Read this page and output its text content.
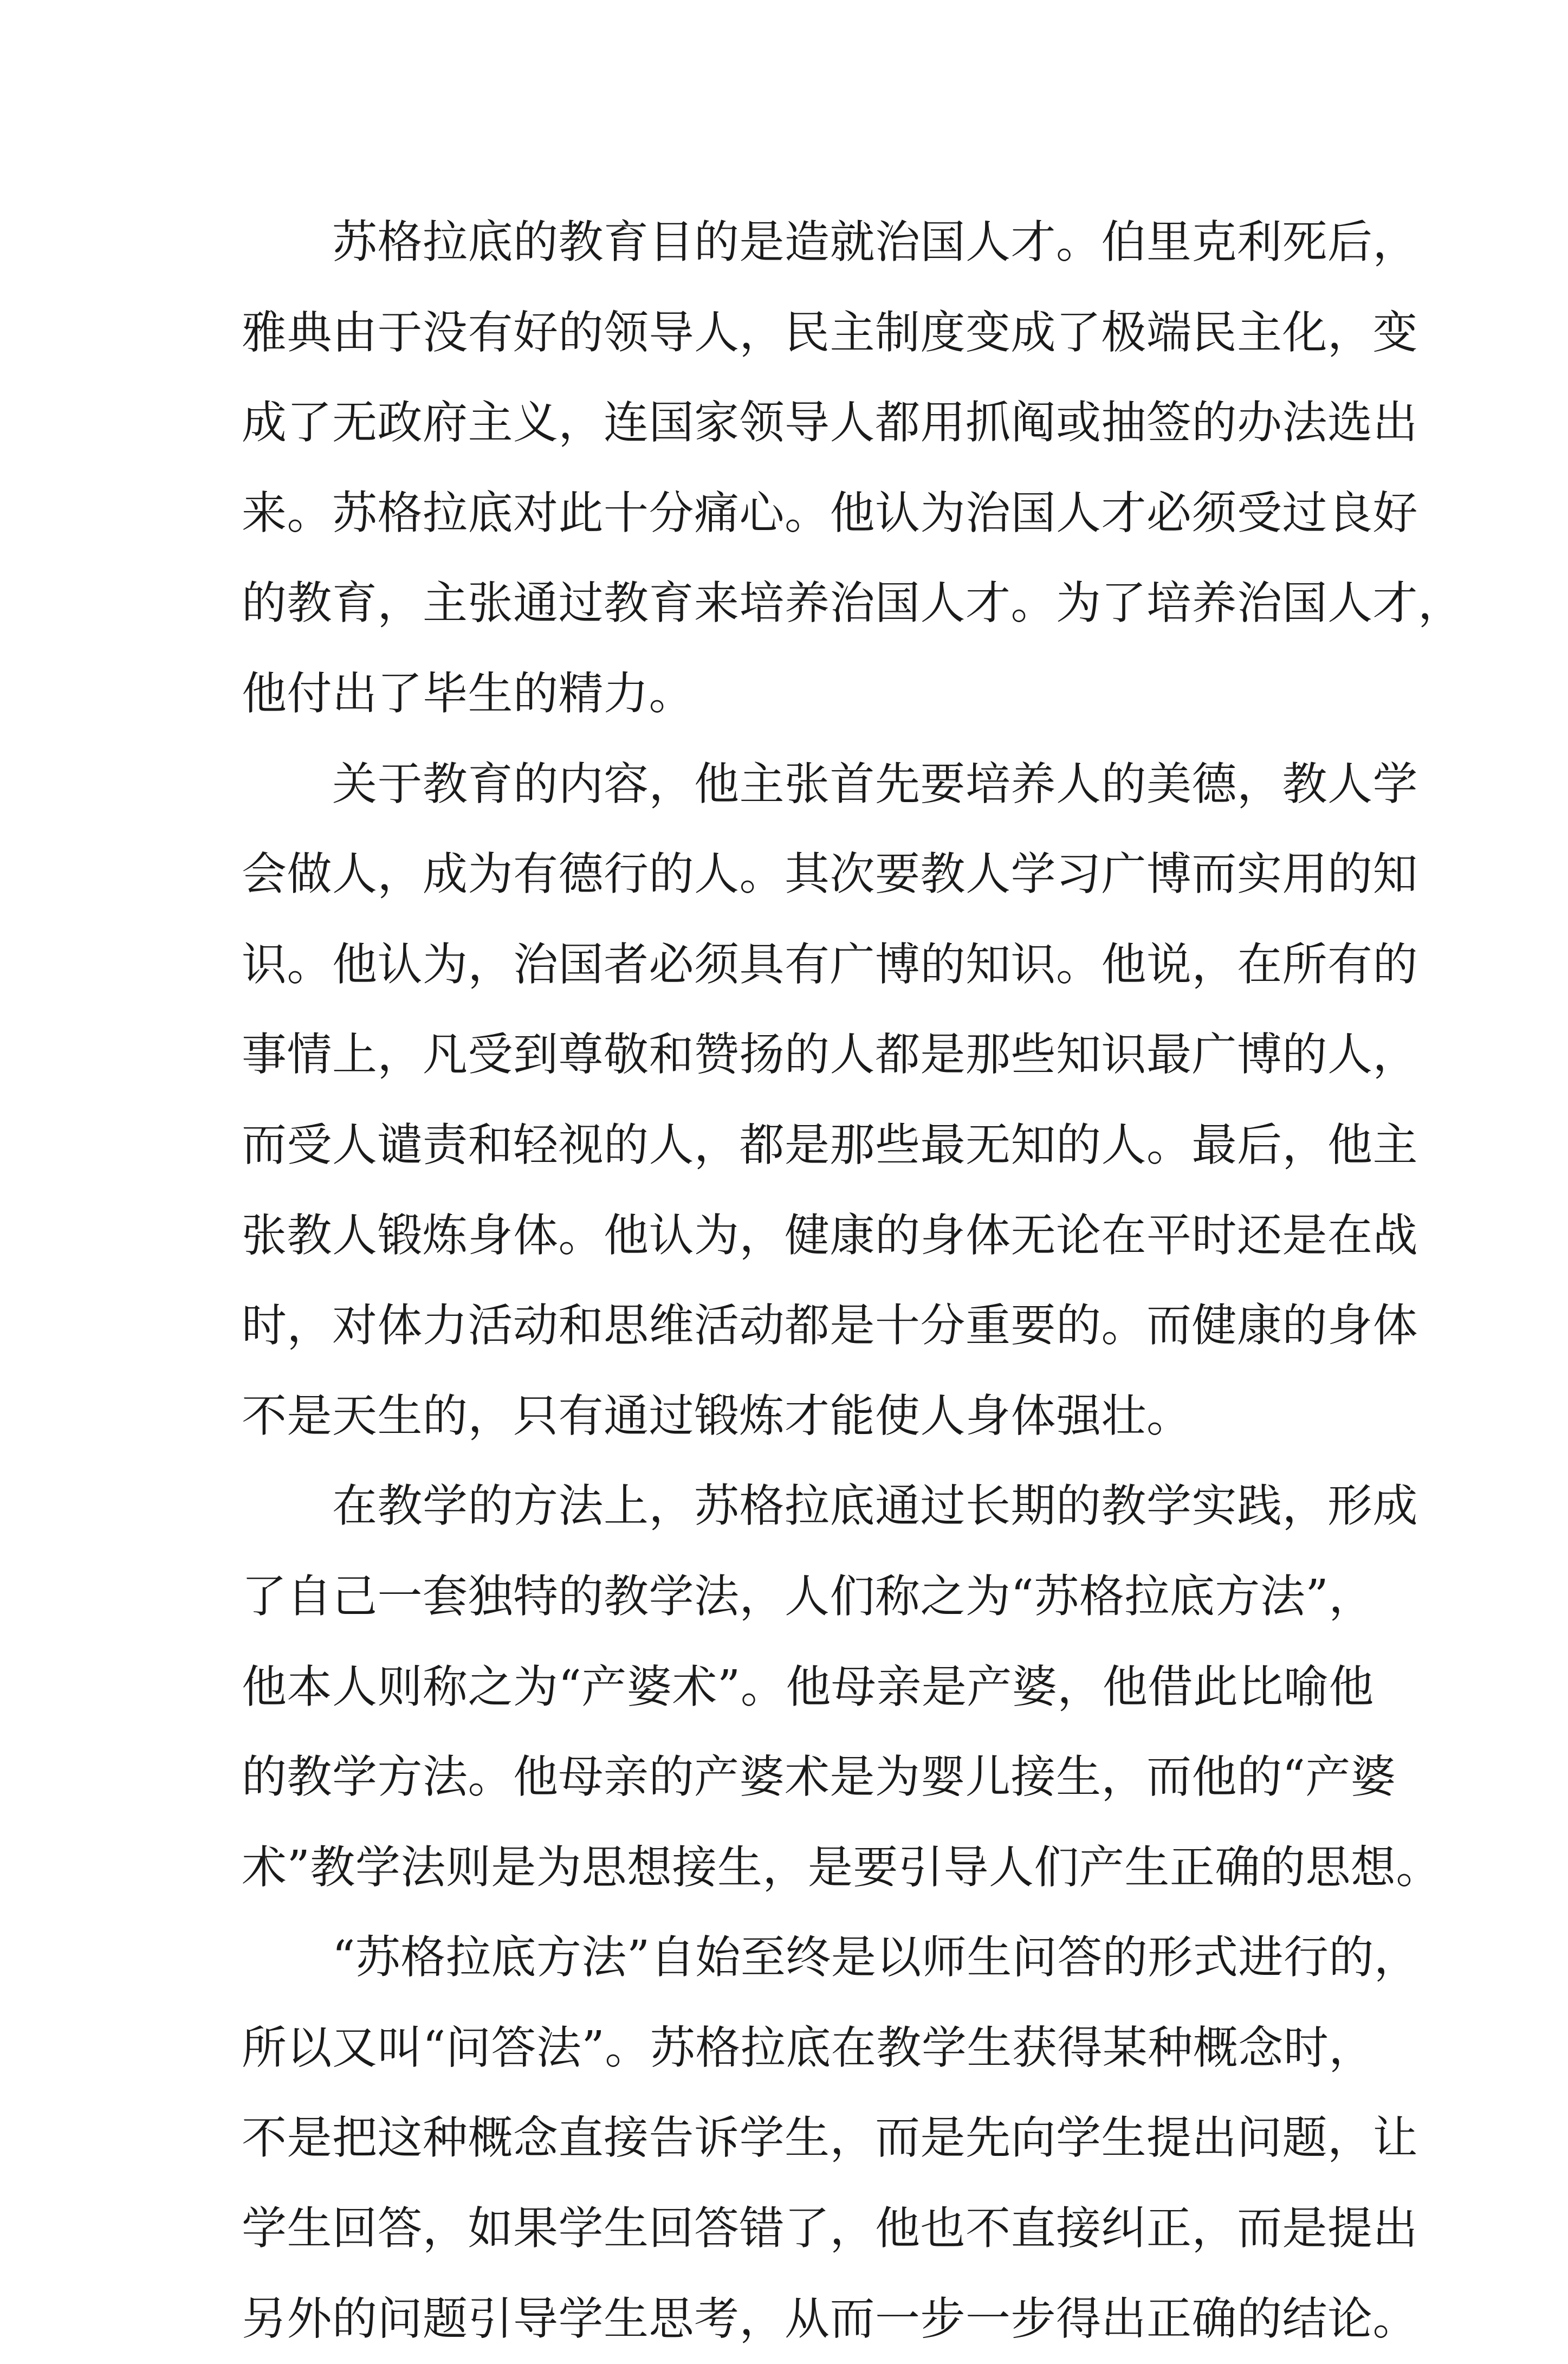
　　苏格拉底的教育目的是造就治国人才。伯里克利死后，
雅典由于没有好的领导人，民主制度变成了极端民主化，变
成了无政府主义，连国家领导人都用抓阄或抽签的办法选出
来。苏格拉底对此十分痛心。他认为治国人才必须受过良好
的教育，主张通过教育来培养治国人才。为了培养治国人才，
他付出了毕生的精力。
　　关于教育的内容，他主张首先要培养人的美德，教人学
会做人，成为有德行的人。其次要教人学习广博而实用的知
识。他认为，治国者必须具有广博的知识。他说，在所有的
事情上，凡受到尊敬和赞扬的人都是那些知识最广博的人，
而受人谴责和轻视的人，都是那些最无知的人。最后，他主
张教人锻炼身体。他认为，健康的身体无论在平时还是在战
时，对体力活动和思维活动都是十分重要的。而健康的身体
不是天生的，只有通过锻炼才能使人身体强壮。
　　在教学的方法上，苏格拉底通过长期的教学实践，形成
了自己一套独特的教学法，人们称之为“苏格拉底方法”，
他本人则称之为“产婆术”。他母亲是产婆，他借此比喻他
的教学方法。他母亲的产婆术是为婴儿接生，而他的“产婆
术”教学法则是为思想接生，是要引导人们产生正确的思想。
　　“苏格拉底方法”自始至终是以师生问答的形式进行的，
所以又叫“问答法”。苏格拉底在教学生获得某种概念时，
不是把这种概念直接告诉学生，而是先向学生提出问题，让
学生回答，如果学生回答错了，他也不直接纠正，而是提出
另外的问题引导学生思考，从而一步一步得出正确的结论。
